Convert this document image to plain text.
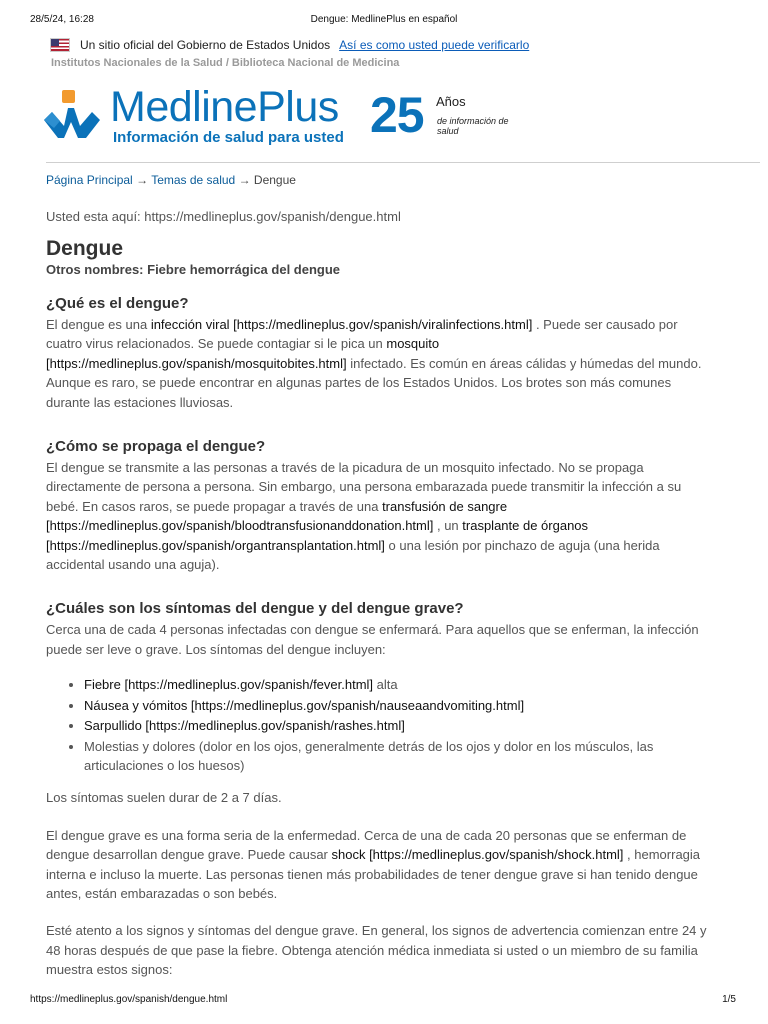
28/5/24, 16:28	Dengue: MedlinePlus en español
Un sitio oficial del Gobierno de Estados Unidos Así es como usted puede verificarlo
Institutos Nacionales de la Salud / Biblioteca Nacional de Medicina
MedlinePlus
Información de salud para usted 25 Años
de información de salud
Página Principal → Temas de salud → Dengue
Usted esta aquí: https://medlineplus.gov/spanish/dengue.html
Dengue
Otros nombres: Fiebre hemorrágica del dengue
¿Qué es el dengue?

El dengue es una infección viral [https://medlineplus.gov/spanish/viralinfections.html] . Puede ser causado por cuatro virus relacionados. Se puede contagiar si le pica un mosquito [https://medlineplus.gov/spanish/mosquitobites.html] infectado. Es común en áreas cálidas y húmedas del mundo. Aunque es raro, se puede encontrar en algunas partes de los Estados Unidos. Los brotes son más comunes durante las estaciones lluviosas.

¿Cómo se propaga el dengue?

El dengue se transmite a las personas a través de la picadura de un mosquito infectado. No se propaga directamente de persona a persona. Sin embargo, una persona embarazada puede transmitir la infección a su bebé. En casos raros, se puede propagar a través de una transfusión de sangre [https://medlineplus.gov/spanish/bloodtransfusionanddonation.html] , un trasplante de órganos [https://medlineplus.gov/spanish/organtransplantation.html] o una lesión por pinchazo de aguja (una herida accidental usando una aguja).

¿Cuáles son los síntomas del dengue y del dengue grave?

Cerca una de cada 4 personas infectadas con dengue se enfermará. Para aquellos que se enferman, la infección puede ser leve o grave. Los síntomas del dengue incluyen:

• Fiebre [https://medlineplus.gov/spanish/fever.html] alta
• Náusea y vómitos [https://medlineplus.gov/spanish/nauseaandvomiting.html]
• Sarpullido [https://medlineplus.gov/spanish/rashes.html]
• Molestias y dolores (dolor en los ojos, generalmente detrás de los ojos y dolor en los músculos, las articulaciones o los huesos)

Los síntomas suelen durar de 2 a 7 días.

El dengue grave es una forma seria de la enfermedad. Cerca de una de cada 20 personas que se enferman de dengue desarrollan dengue grave. Puede causar shock [https://medlineplus.gov/spanish/shock.html] , hemorragia interna e incluso la muerte. Las personas tienen más probabilidades de tener dengue grave si han tenido dengue antes, están embarazadas o son bebés.

Esté atento a los signos y síntomas del dengue grave. En general, los signos de advertencia comienzan entre 24 y 48 horas después de que pase la fiebre. Obtenga atención médica inmediata si usted o un miembro de su familia muestra estos signos:

https://medlineplus.gov/spanish/dengue.html	1/5
